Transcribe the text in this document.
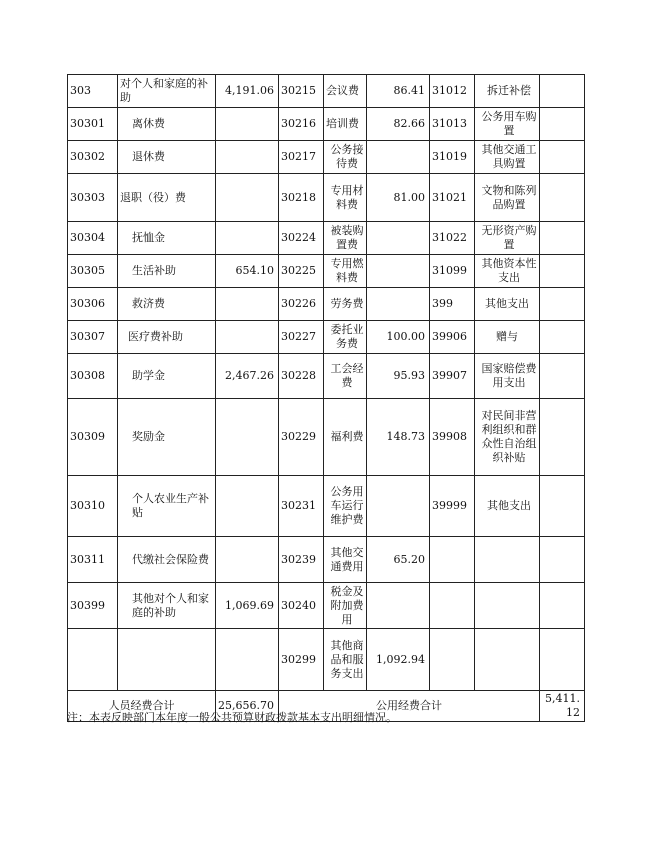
303	对个人和家庭的补助	4,191.06	30215	会议费	86.41	31012	拆迁补偿	
30301	离休费		30216	培训费	82.66	31013	公务用车购置	
30302	退休费		30217	公务接待费		31019	其他交通工具购置	
30303	退职（役）费		30218	专用材料费	81.00	31021	文物和陈列品购置	
30304	抚恤金		30224	被装购置费		31022	无形资产购置	
30305	生活补助	654.10	30225	专用燃料费		31099	其他资本性支出	
30306	救济费		30226	劳务费		399	其他支出	
30307	医疗费补助		30227	委托业务费	100.00	39906	赠与	
30308	助学金	2,467.26	30228	工会经费	95.93	39907	国家赔偿费用支出	
30309	奖励金		30229	福利费	148.73	39908	对民间非营利组织和群众性自治组织补贴	
30310	个人农业生产补贴		30231	公务用车运行维护费		39999	其他支出	
30311	代缴社会保险费		30239	其他交通费用	65.20			
30399	其他对个人和家庭的补助	1,069.69	30240	税金及附加费用				
			30299	其他商品和服务支出	1,092.94			
人员经费合计		25,656.70	公用经费合计					5,411.12
注：本表反映部门本年度一般公共预算财政拨款基本支出明细情况。
